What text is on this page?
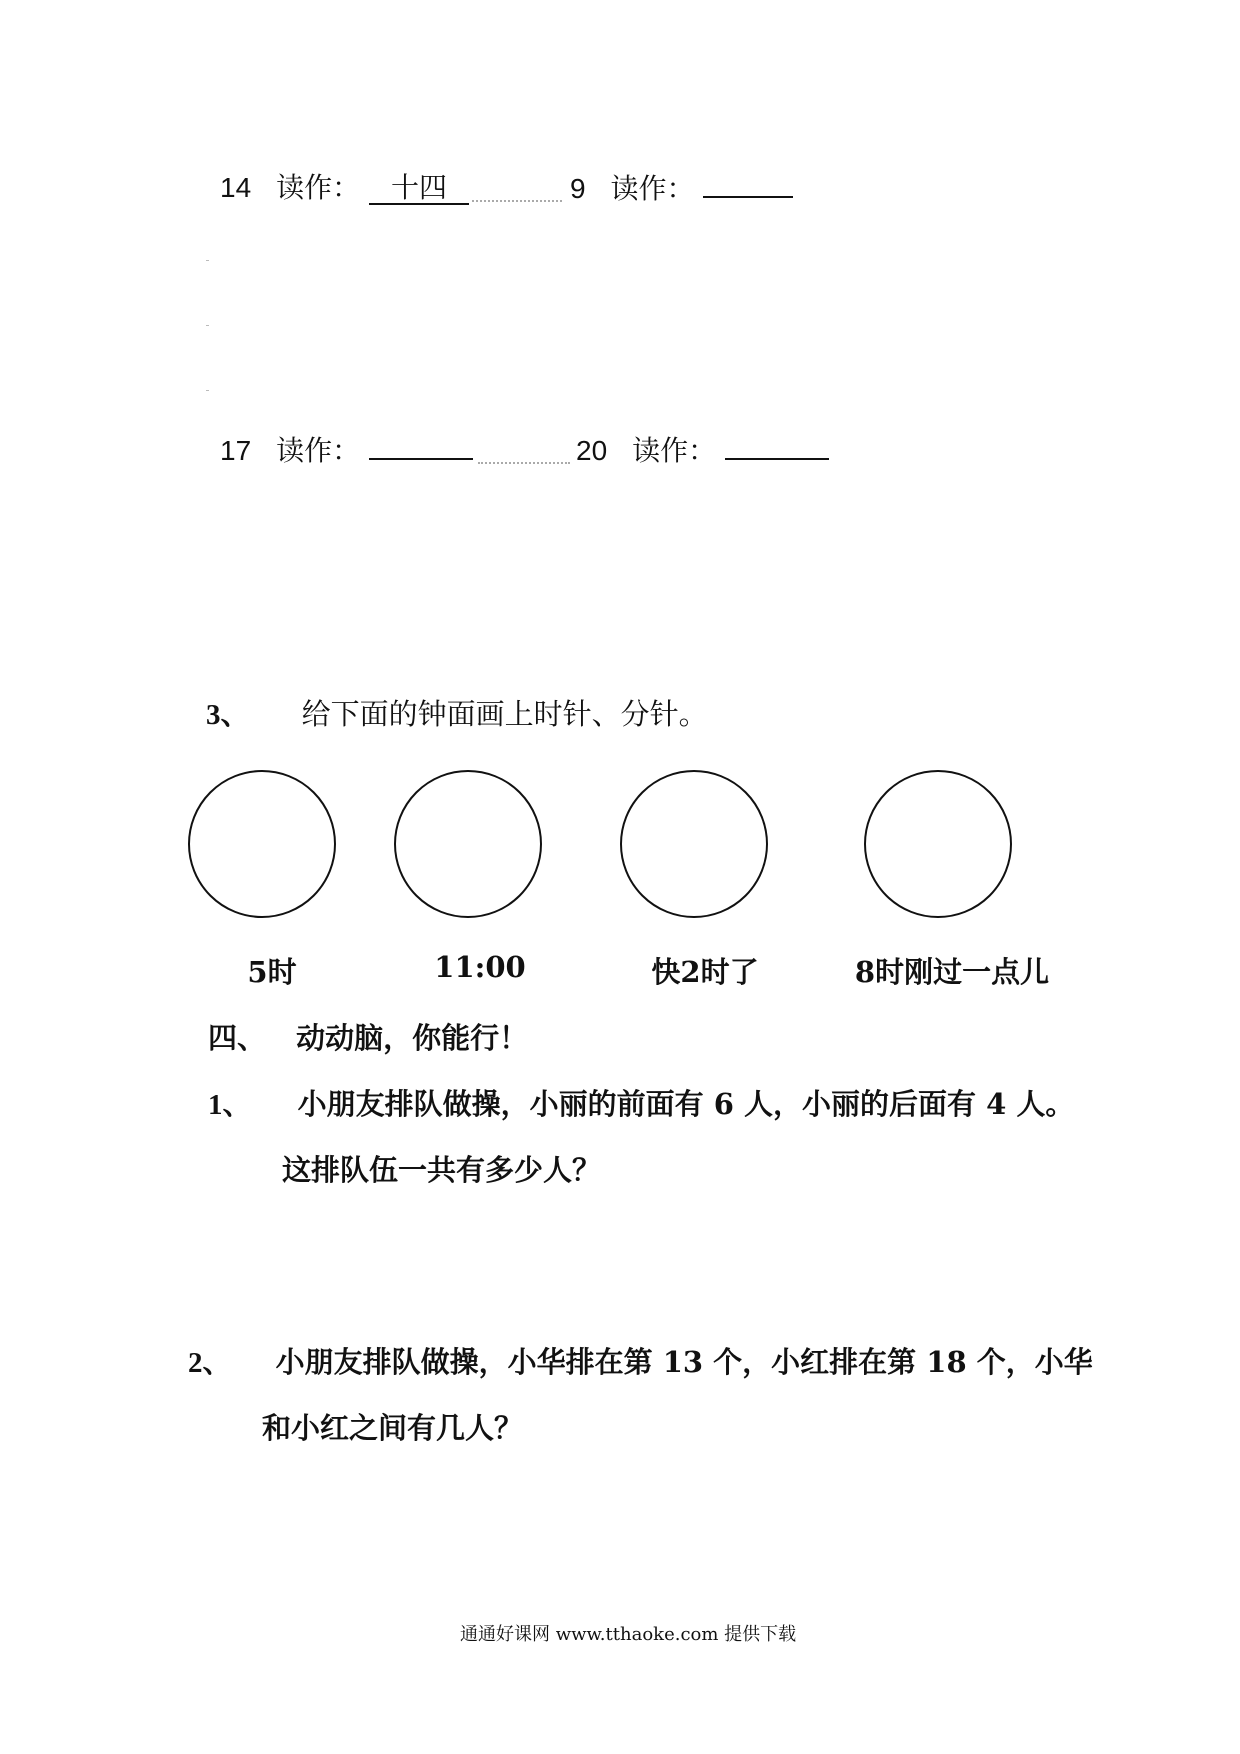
14 读作： 十四	9 读作：
17 读作：	20 读作：
3、 给下面的钟面画上时针、分针。
5时	11:00	快2时了	8时刚过一点儿
四、 动动脑，你能行！
1、 小朋友排队做操，小丽的前面有 6 人，小丽的后面有 4 人。
这排队伍一共有多少人？
2、 小朋友排队做操，小华排在第 13 个，小红排在第 18 个，小华
和小红之间有几人？
通通好课网 www.tthaoke.com 提供下载
